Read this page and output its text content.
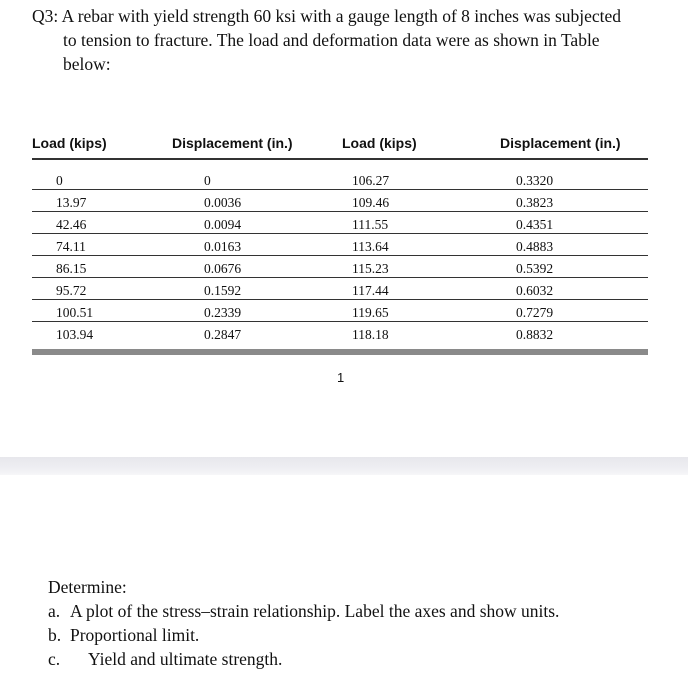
Q3: A rebar with yield strength 60 ksi with a gauge length of 8 inches was subjected
to tension to fracture. The load and deformation data were as shown in Table
below:
Load (kips)	Displacement (in.)	Load (kips)	Displacement (in.)
0	0	106.27	0.3320
13.97	0.0036	109.46	0.3823
42.46	0.0094	111.55	0.4351
74.11	0.0163	113.64	0.4883
86.15	0.0676	115.23	0.5392
95.72	0.1592	117.44	0.6032
100.51	0.2339	119.65	0.7279
103.94	0.2847	118.18	0.8832
1
Determine:
a. A plot of the stress–strain relationship. Label the axes and show units.
b. Proportional limit.
c. Yield and ultimate strength.
